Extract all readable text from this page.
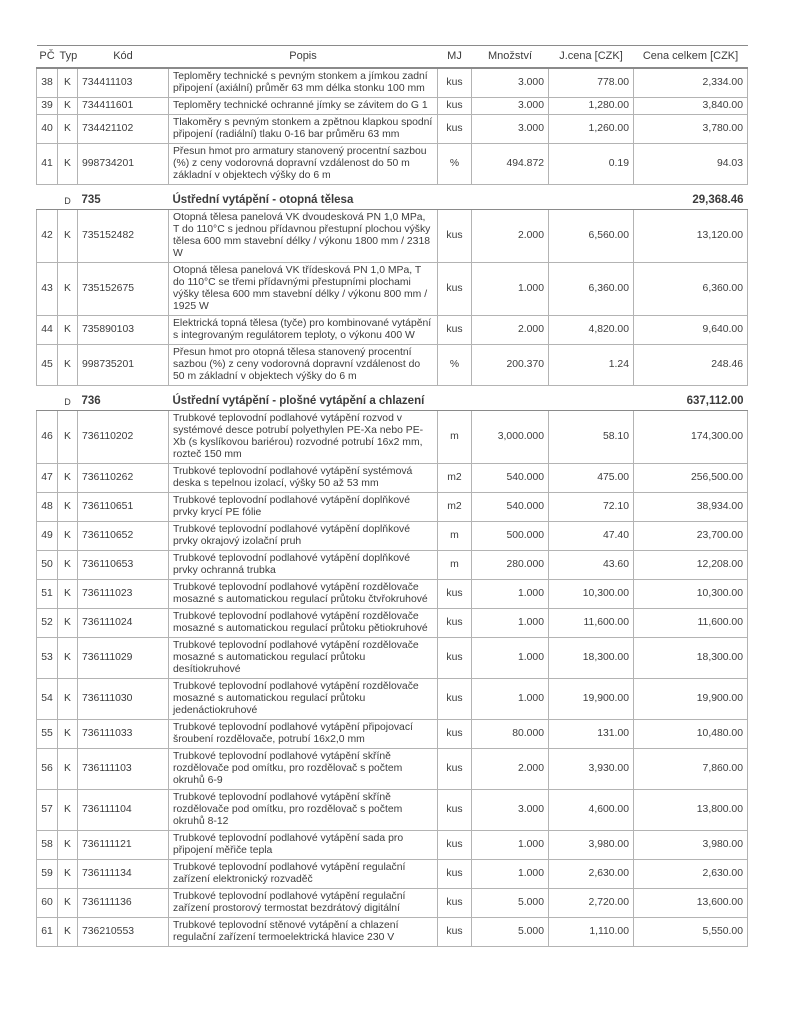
PČ	Typ	Kód	Popis	MJ	Množství	J.cena [CZK]	Cena celkem [CZK]
38	K	734411103	Teploměry technické s pevným stonkem a jímkou zadní připojení (axiální) průměr 63 mm délka stonku 100 mm	kus	3.000	778.00	2,334.00
39	K	734411601	Teploměry technické ochranné jímky se závitem do G 1	kus	3.000	1,280.00	3,840.00
40	K	734421102	Tlakoměry s pevným stonkem a zpětnou klapkou spodní připojení (radiální) tlaku 0-16 bar průměru 63 mm	kus	3.000	1,260.00	3,780.00
41	K	998734201	Přesun hmot pro armatury stanovený procentní sazbou (%) z ceny vodorovná dopravní vzdálenost do 50 m základní v objektech výšky do 6 m	%	494.872	0.19	94.03
	D	735	Ústřední vytápění - otopná tělesa				29,368.46
42	K	735152482	Otopná tělesa panelová VK dvoudesková PN 1,0 MPa, T do 110°C s jednou přídavnou přestupní plochou výšky tělesa 600 mm stavební délky / výkonu 1800 mm / 2318 W	kus	2.000	6,560.00	13,120.00
43	K	735152675	Otopná tělesa panelová VK třídesková PN 1,0 MPa, T do 110°C se třemi přídavnými přestupními plochami výšky tělesa 600 mm stavební délky / výkonu 800 mm / 1925 W	kus	1.000	6,360.00	6,360.00
44	K	735890103	Elektrická topná tělesa (tyče) pro kombinované vytápění s integrovaným regulátorem teploty, o výkonu 400 W	kus	2.000	4,820.00	9,640.00
45	K	998735201	Přesun hmot pro otopná tělesa stanovený procentní sazbou (%) z ceny vodorovná dopravní vzdálenost do 50 m základní v objektech výšky do 6 m	%	200.370	1.24	248.46
	D	736	Ústřední vytápění - plošné vytápění a chlazení				637,112.00
46	K	736110202	Trubkové teplovodní podlahové vytápění rozvod v systémové desce potrubí polyethylen PE-Xa nebo PE-Xb (s kyslíkovou bariérou) rozvodné potrubí 16x2 mm, rozteč 150 mm	m	3,000.000	58.10	174,300.00
47	K	736110262	Trubkové teplovodní podlahové vytápění systémová deska s tepelnou izolací, výšky 50 až 53 mm	m2	540.000	475.00	256,500.00
48	K	736110651	Trubkové teplovodní podlahové vytápění doplňkové prvky krycí PE fólie	m2	540.000	72.10	38,934.00
49	K	736110652	Trubkové teplovodní podlahové vytápění doplňkové prvky okrajový izolační pruh	m	500.000	47.40	23,700.00
50	K	736110653	Trubkové teplovodní podlahové vytápění doplňkové prvky ochranná trubka	m	280.000	43.60	12,208.00
51	K	736111023	Trubkové teplovodní podlahové vytápění rozdělovače mosazné s automatickou regulací průtoku čtvřokruhové	kus	1.000	10,300.00	10,300.00
52	K	736111024	Trubkové teplovodní podlahové vytápění rozdělovače mosazné s automatickou regulací průtoku pětiokruhové	kus	1.000	11,600.00	11,600.00
53	K	736111029	Trubkové teplovodní podlahové vytápění rozdělovače mosazné s automatickou regulací průtoku desítiokruhové	kus	1.000	18,300.00	18,300.00
54	K	736111030	Trubkové teplovodní podlahové vytápění rozdělovače mosazné s automatickou regulací průtoku jedenáctiokruhové	kus	1.000	19,900.00	19,900.00
55	K	736111033	Trubkové teplovodní podlahové vytápění připojovací šroubení rozdělovače, potrubí 16x2,0 mm	kus	80.000	131.00	10,480.00
56	K	736111103	Trubkové teplovodní podlahové vytápění skříně rozdělovače pod omítku, pro rozdělovač s počtem okruhů 6-9	kus	2.000	3,930.00	7,860.00
57	K	736111104	Trubkové teplovodní podlahové vytápění skříně rozdělovače pod omítku, pro rozdělovač s počtem okruhů 8-12	kus	3.000	4,600.00	13,800.00
58	K	736111121	Trubkové teplovodní podlahové vytápění sada pro připojení měřiče tepla	kus	1.000	3,980.00	3,980.00
59	K	736111134	Trubkové teplovodní podlahové vytápění regulační zařízení elektronický rozvaděč	kus	1.000	2,630.00	2,630.00
60	K	736111136	Trubkové teplovodní podlahové vytápění regulační zařízení prostorový termostat bezdrátový digitální	kus	5.000	2,720.00	13,600.00
61	K	736210553	Trubkové teplovodní stěnové vytápění a chlazení regulační zařízení termoelektrická hlavice 230 V	kus	5.000	1,110.00	5,550.00
